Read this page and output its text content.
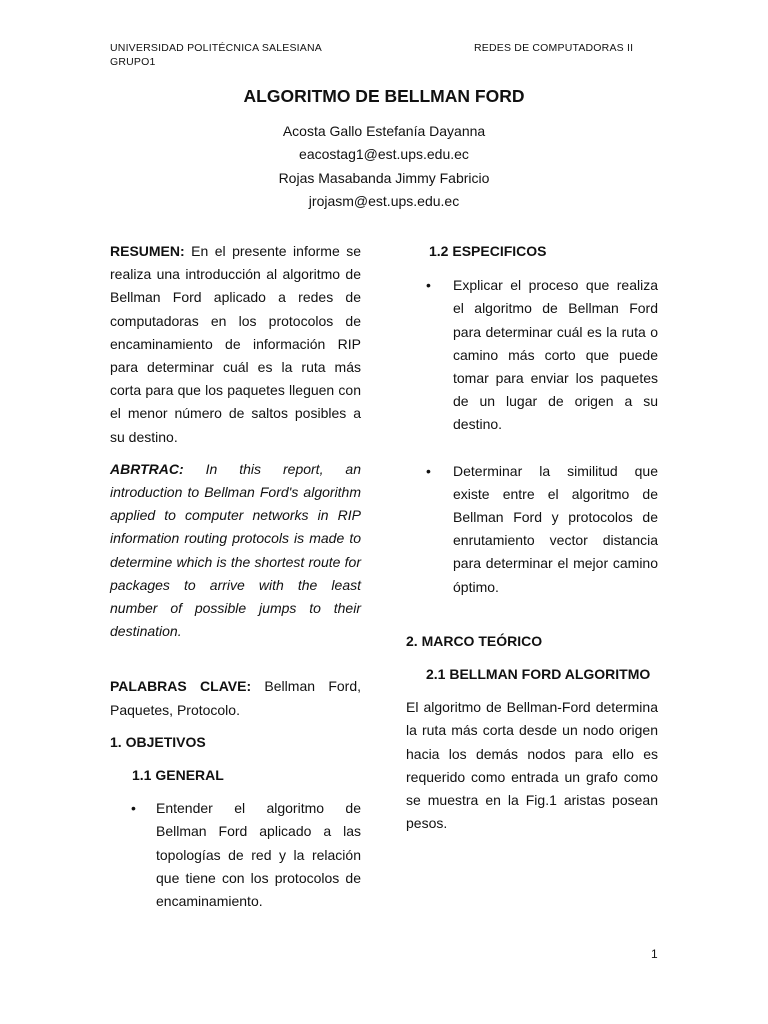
UNIVERSIDAD POLITÉCNICA SALESIANA
GRUPO1
REDES DE COMPUTADORAS II
ALGORITMO DE BELLMAN FORD
Acosta Gallo Estefanía Dayanna
eacostag1@est.ups.edu.ec
Rojas Masabanda Jimmy Fabricio
jrojasm@est.ups.edu.ec

RESUMEN: En el presente informe se realiza una introducción al algoritmo de Bellman Ford aplicado a redes de computadoras en los protocolos de encaminamiento de información RIP para determinar cuál es la ruta más corta para que los paquetes lleguen con el menor número de saltos posibles a su destino.

ABRTRAC: In this report, an introduction to Bellman Ford's algorithm applied to computer networks in RIP information routing protocols is made to determine which is the shortest route for packages to arrive with the least number of possible jumps to their destination.

PALABRAS CLAVE: Bellman Ford, Paquetes, Protocolo.

1. OBJETIVOS
1.1 GENERAL
• Entender el algoritmo de Bellman Ford aplicado a las topologías de red y la relación que tiene con los protocolos de encaminamiento.
1.2 ESPECIFICOS
• Explicar el proceso que realiza el algoritmo de Bellman Ford para determinar cuál es la ruta o camino más corto que puede tomar para enviar los paquetes de un lugar de origen a su destino.
• Determinar la similitud que existe entre el algoritmo de Bellman Ford y protocolos de enrutamiento vector distancia para determinar el mejor camino óptimo.
2. MARCO TEÓRICO
2.1 BELLMAN FORD ALGORITMO

El algoritmo de Bellman-Ford determina la ruta más corta desde un nodo origen hacia los demás nodos para ello es requerido como entrada un grafo como se muestra en la Fig.1 aristas posean pesos.

1
